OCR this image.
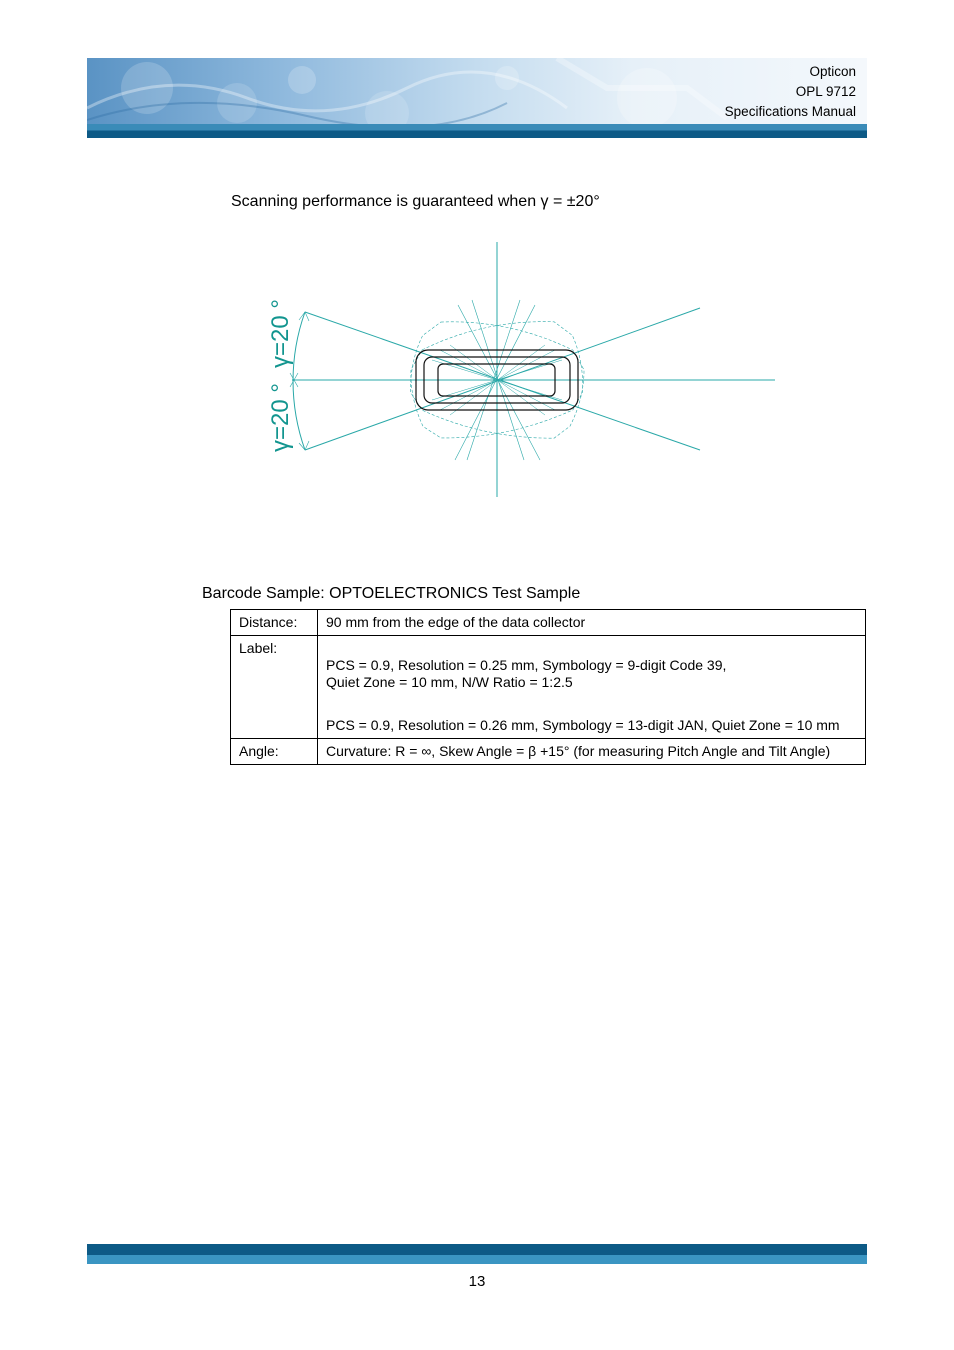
Opticon
OPL 9712
Specifications Manual
Scanning performance is guaranteed when γ = ±20°
γ=20 °
γ=20 °
Barcode Sample: OPTOELECTRONICS Test Sample
Distance:	90 mm from the edge of the data collector
Label:	PCS = 0.9, Resolution = 0.25 mm, Symbology = 9-digit Code 39,
Quiet Zone = 10 mm, N/W Ratio = 1:2.5
PCS = 0.9, Resolution = 0.26 mm, Symbology = 13-digit JAN, Quiet Zone = 10 mm

Angle:	Curvature: R = ∞, Skew Angle = β +15° (for measuring Pitch Angle and Tilt Angle)
13
